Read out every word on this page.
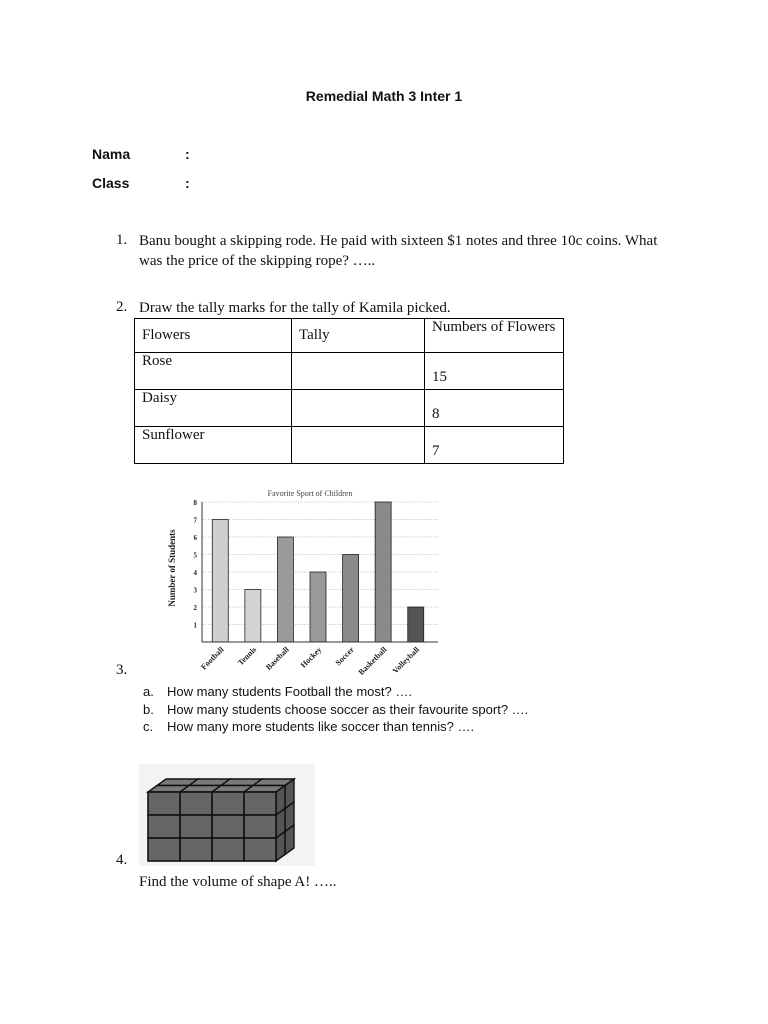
Remedial Math 3 Inter 1
Nama	:
Class	:
1. Banu bought a skipping rode. He paid with sixteen $1 notes and three 10c coins. What
was the price of the skipping rope? …..
2. Draw the tally marks for the tally of Kamila picked.
Flowers	Tally	Numbers of Flowers
Rose		15
Daisy		8
Sunflower		7
Favorite Sport of Children
Number of Students
1
2
3
4
5
6
7
8
Football Tennis Baseball Hockey Soccer Basketball Volleyball
3.
a. How many students Football the most? ….
b. How many students choose soccer as their favourite sport? ….
c. How many more students like soccer than tennis? ….
4.
Find the volume of shape A! …..
